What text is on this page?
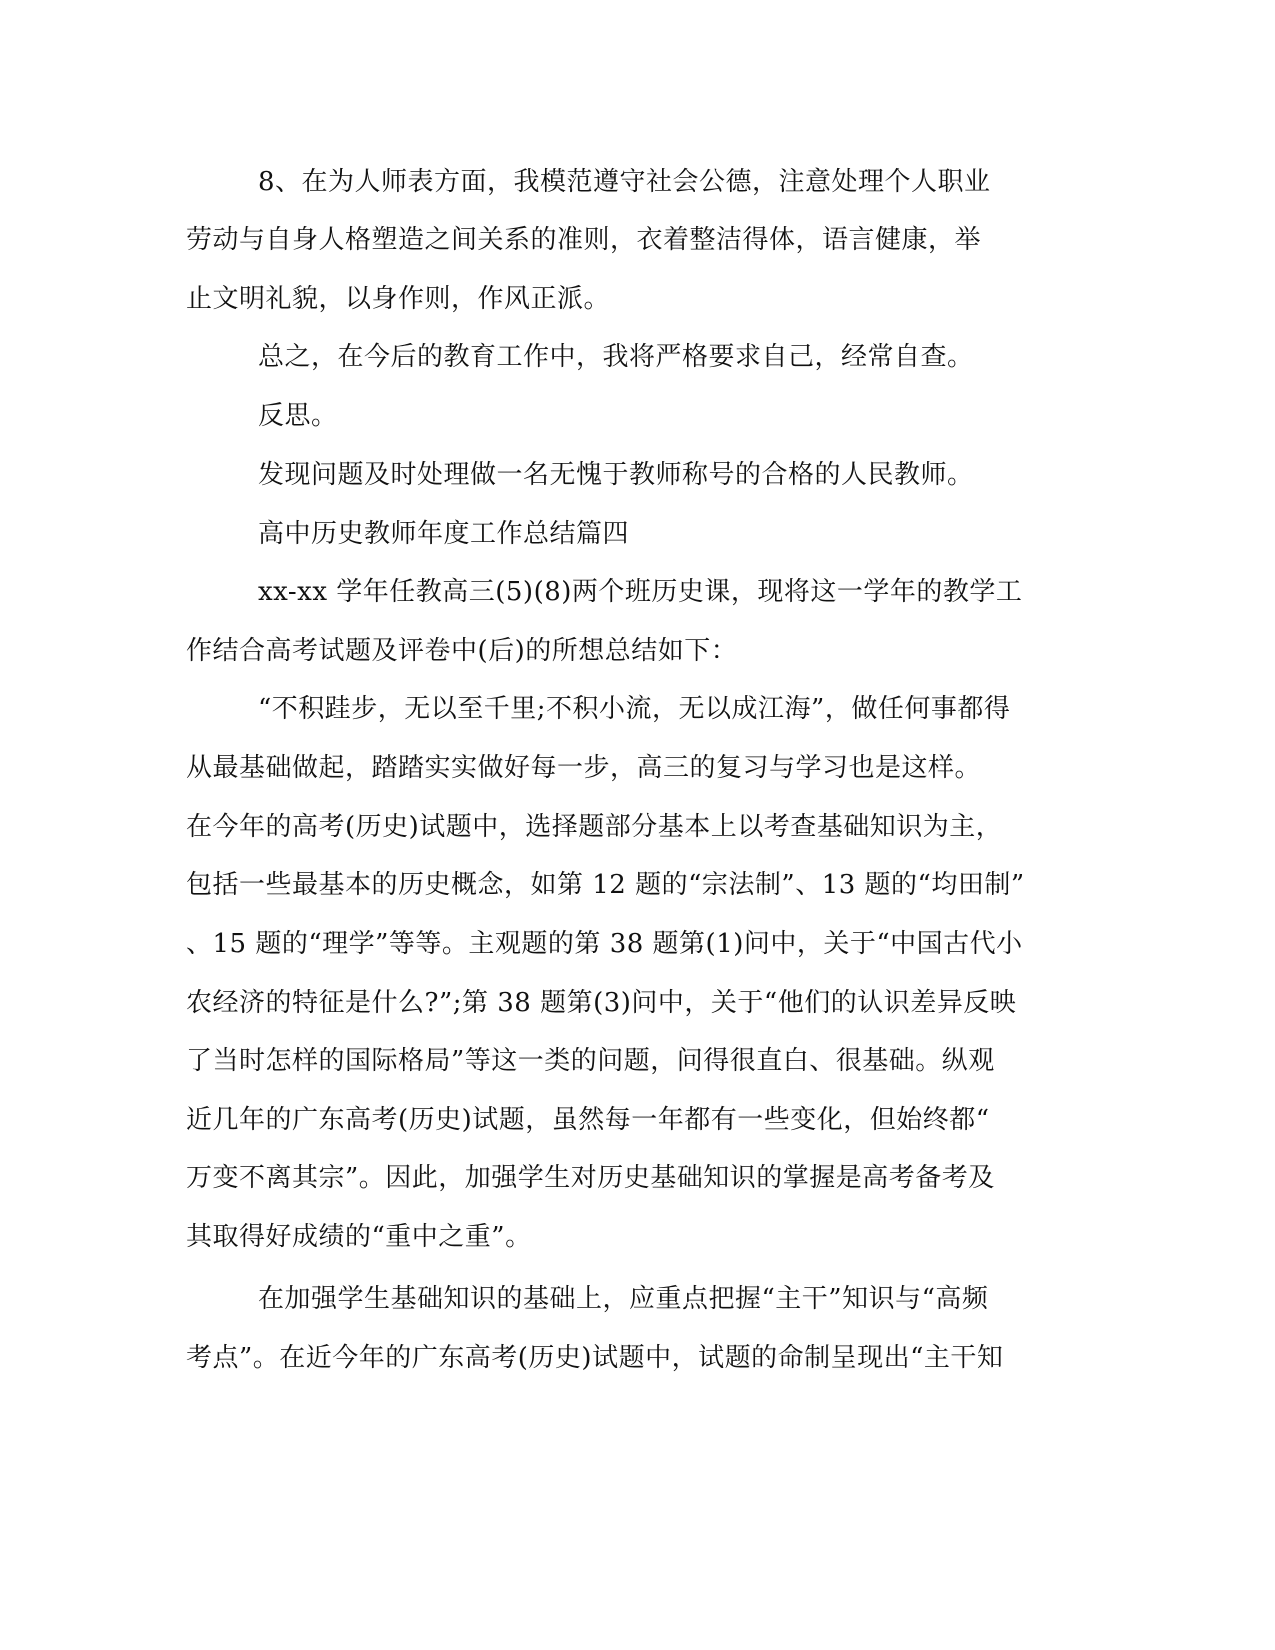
8、在为人师表方面，我模范遵守社会公德，注意处理个人职业
劳动与自身人格塑造之间关系的准则，衣着整洁得体，语言健康，举
止文明礼貌，以身作则，作风正派。
总之，在今后的教育工作中，我将严格要求自己，经常自查。
反思。
发现问题及时处理做一名无愧于教师称号的合格的人民教师。
高中历史教师年度工作总结篇四
xx-xx 学年任教高三(5)(8)两个班历史课，现将这一学年的教学工
作结合高考试题及评卷中(后)的所想总结如下：
“不积跬步，无以至千里;不积小流，无以成江海”，做任何事都得
从最基础做起，踏踏实实做好每一步，高三的复习与学习也是这样。
在今年的高考(历史)试题中，选择题部分基本上以考查基础知识为主，
包括一些最基本的历史概念，如第 12 题的“宗法制”、13 题的“均田制”
、15 题的“理学”等等。主观题的第 38 题第(1)问中，关于“中国古代小
农经济的特征是什么?”;第 38 题第(3)问中，关于“他们的认识差异反映
了当时怎样的国际格局”等这一类的问题，问得很直白、很基础。纵观
近几年的广东高考(历史)试题，虽然每一年都有一些变化，但始终都“
万变不离其宗”。因此，加强学生对历史基础知识的掌握是高考备考及
其取得好成绩的“重中之重”。
在加强学生基础知识的基础上，应重点把握“主干”知识与“高频
考点”。在近今年的广东高考(历史)试题中，试题的命制呈现出“主干知
